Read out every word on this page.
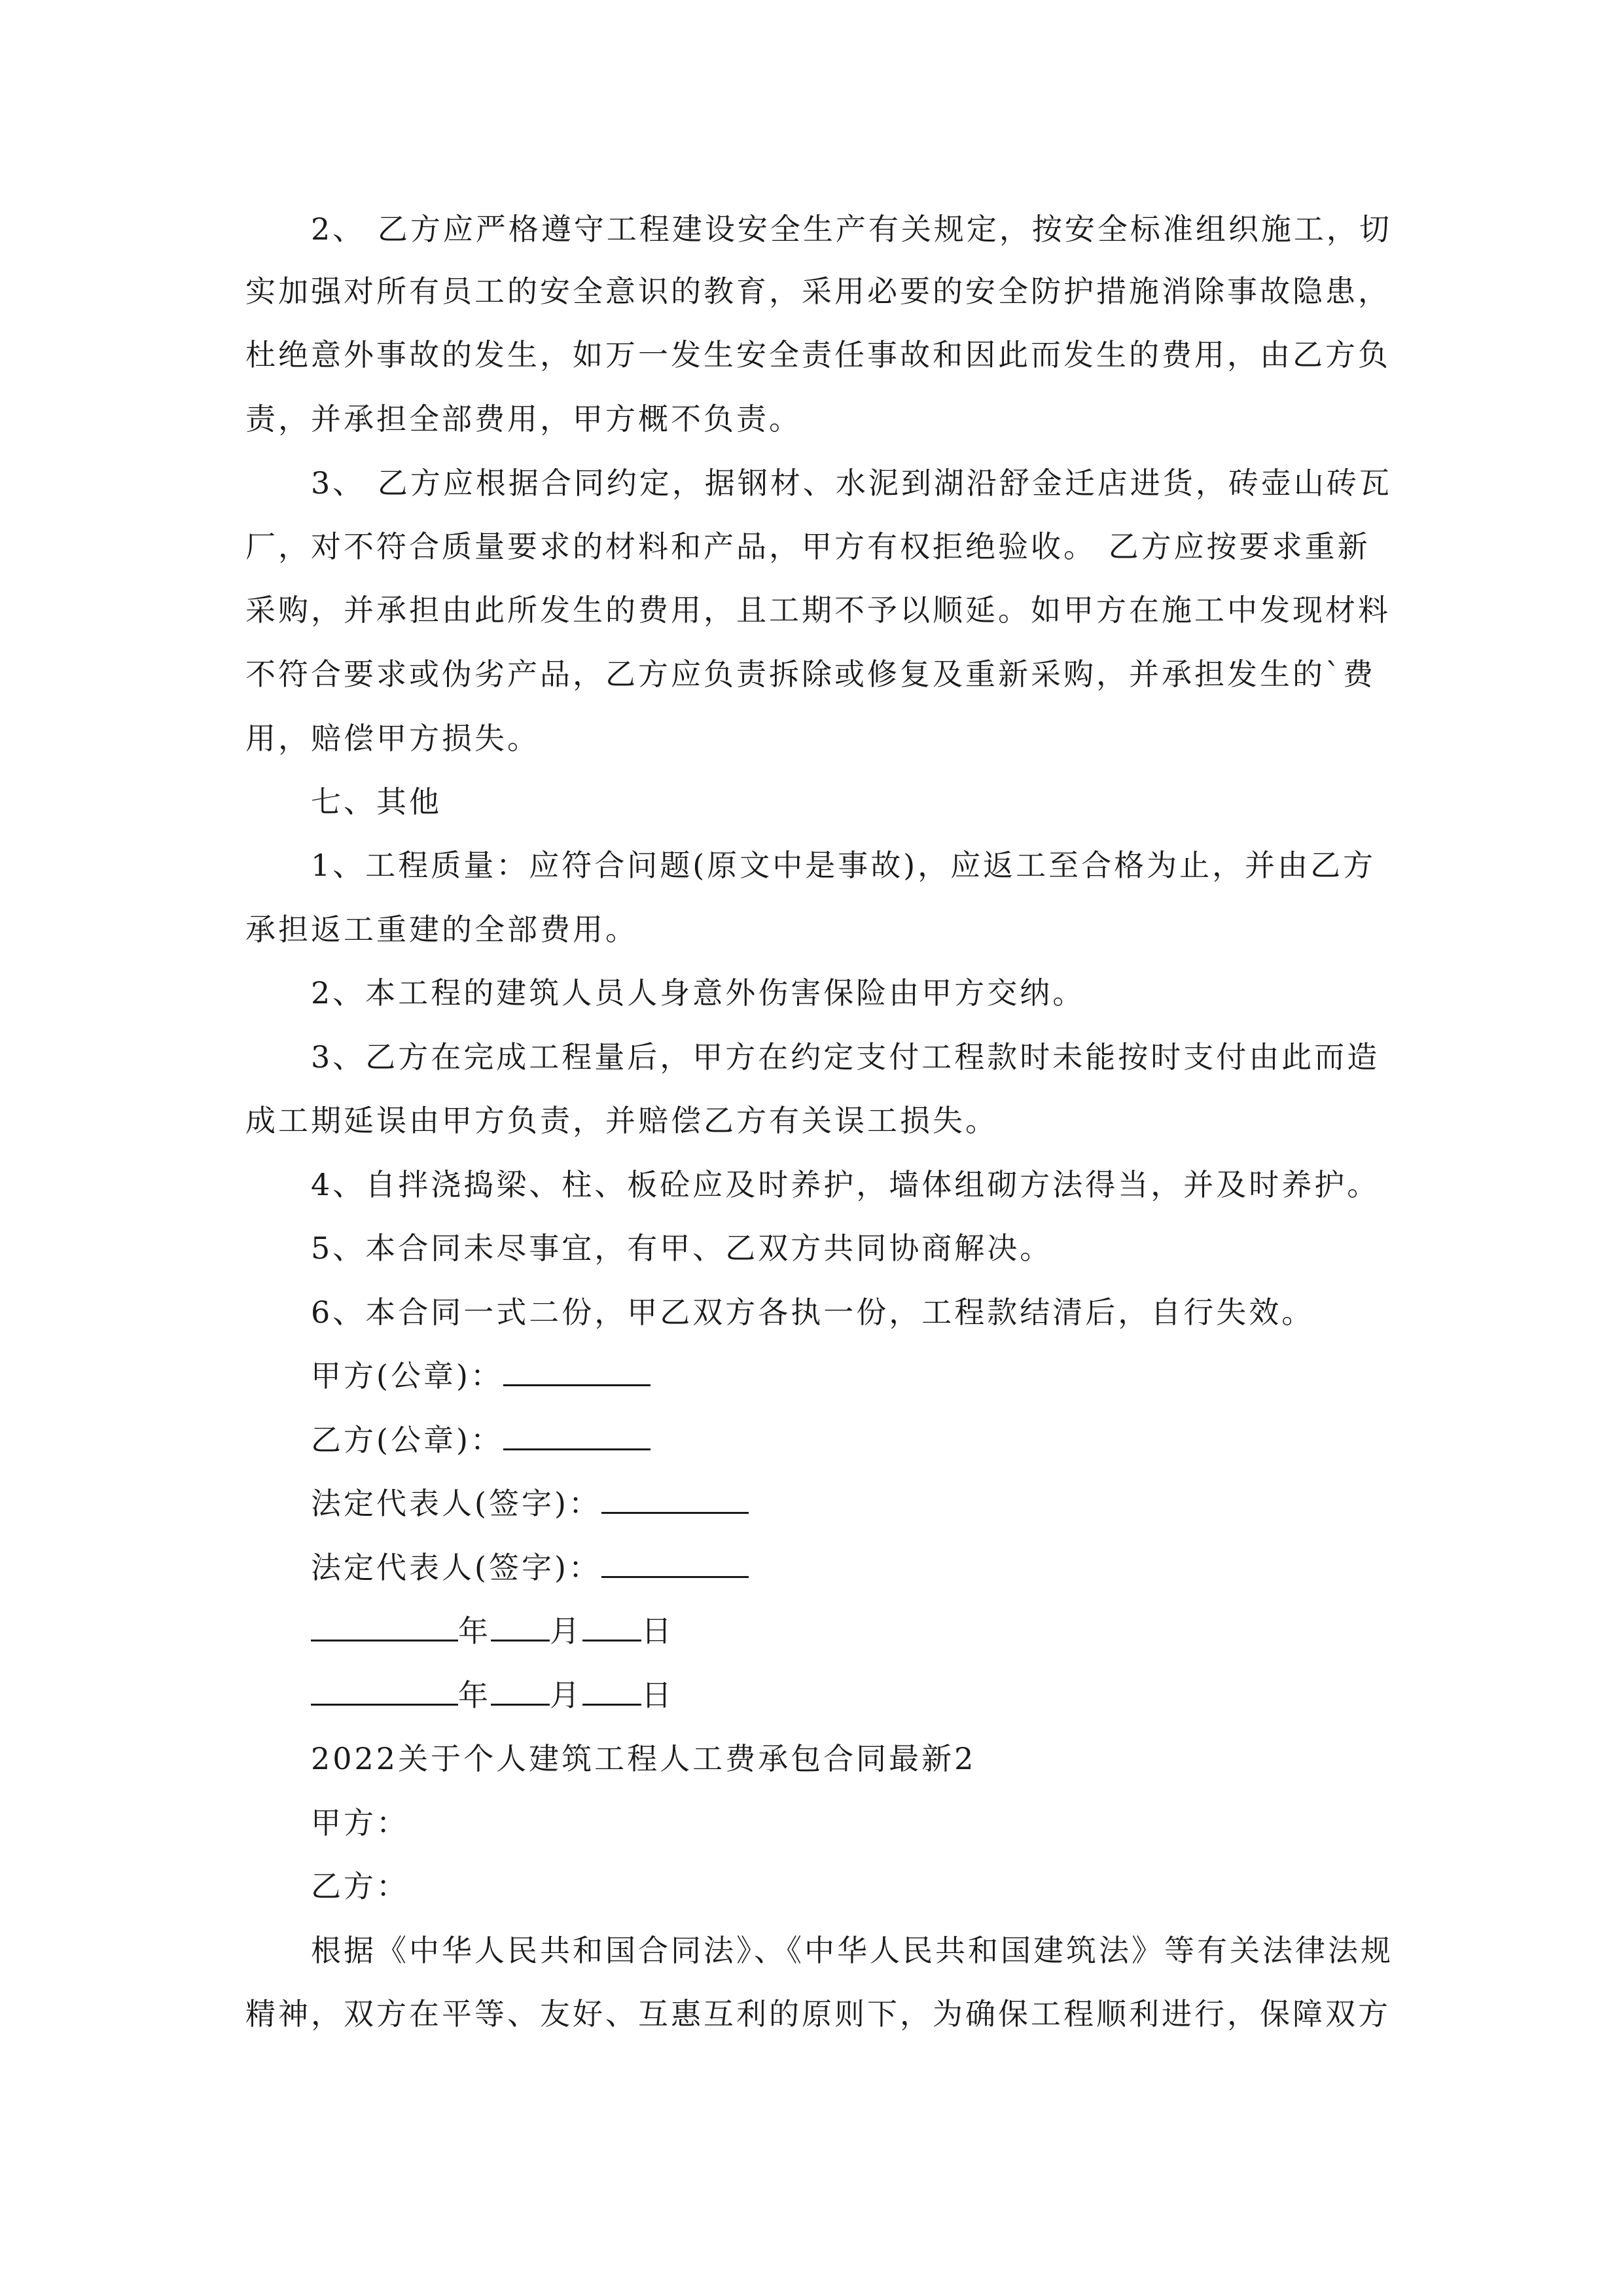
2、 乙方应严格遵守工程建设安全生产有关规定，按安全标准组织施工，切
实加强对所有员工的安全意识的教育，采用必要的安全防护措施消除事故隐患，
杜绝意外事故的发生，如万一发生安全责任事故和因此而发生的费用，由乙方负
责，并承担全部费用，甲方概不负责。
3、 乙方应根据合同约定，据钢材、水泥到湖沿舒金迁店进货，砖壶山砖瓦
厂，对不符合质量要求的材料和产品，甲方有权拒绝验收。 乙方应按要求重新
采购，并承担由此所发生的费用，且工期不予以顺延。如甲方在施工中发现材料
不符合要求或伪劣产品，乙方应负责拆除或修复及重新采购，并承担发生的`费
用，赔偿甲方损失。
七、其他
1、工程质量：应符合问题(原文中是事故)，应返工至合格为止，并由乙方
承担返工重建的全部费用。
2、本工程的建筑人员人身意外伤害保险由甲方交纳。
3、乙方在完成工程量后，甲方在约定支付工程款时未能按时支付由此而造
成工期延误由甲方负责，并赔偿乙方有关误工损失。
4、自拌浇捣梁、柱、板砼应及时养护，墙体组砌方法得当，并及时养护。
5、本合同未尽事宜，有甲、乙双方共同协商解决。
6、本合同一式二份，甲乙双方各执一份，工程款结清后，自行失效。
甲方(公章)：
乙方(公章)：
法定代表人(签字)：
法定代表人(签字)：
年 月 日
年 月 日
2022关于个人建筑工程人工费承包合同最新2
甲方：
乙方：
根据《中华人民共和国合同法》、《中华人民共和国建筑法》等有关法律法规
精神，双方在平等、友好、互惠互利的原则下，为确保工程顺利进行，保障双方
